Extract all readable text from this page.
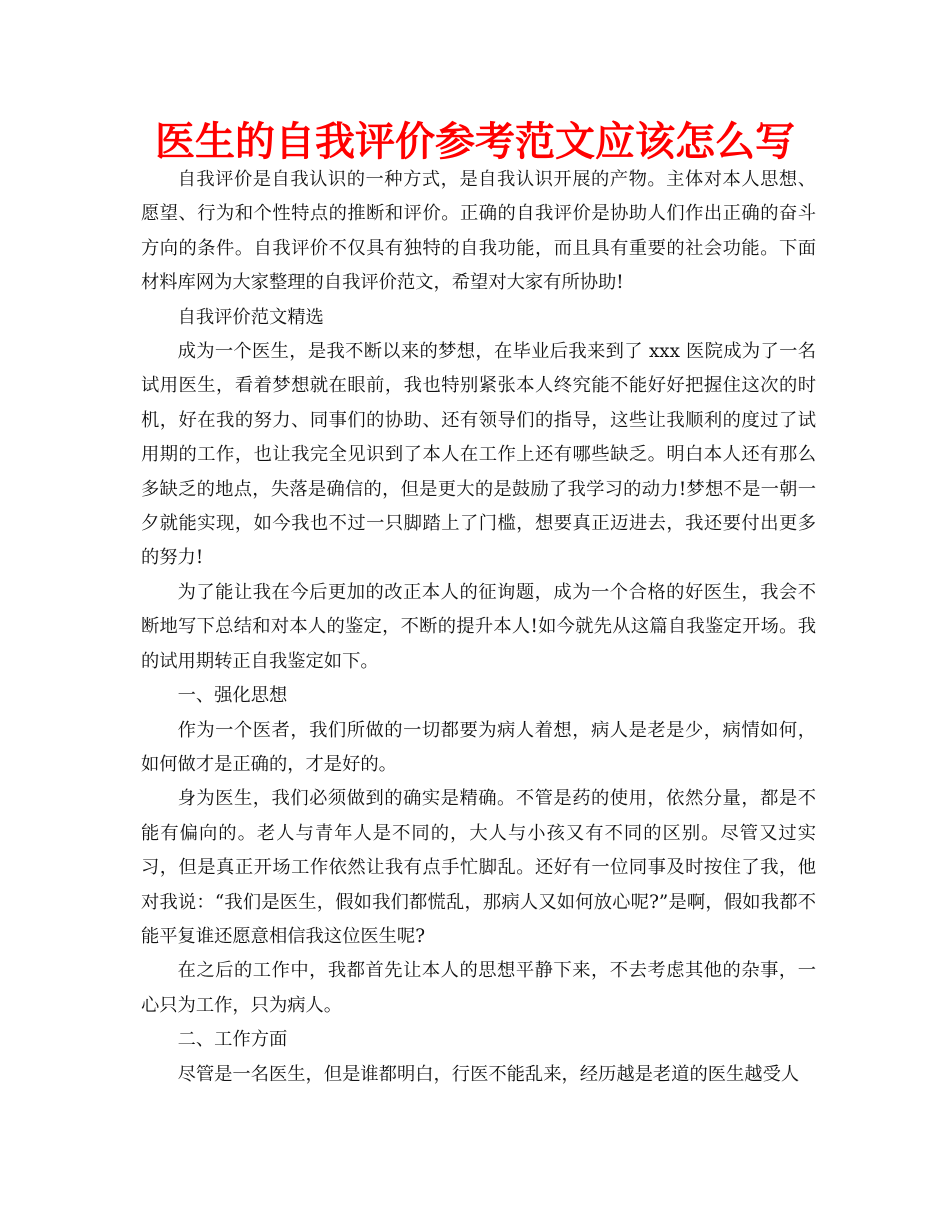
医生的自我评价参考范文应该怎么写

自我评价是自我认识的一种方式，是自我认识开展的产物。主体对本人思想、愿望、行为和个性特点的推断和评价。正确的自我评价是协助人们作出正确的奋斗方向的条件。自我评价不仅具有独特的自我功能，而且具有重要的社会功能。下面材料库网为大家整理的自我评价范文，希望对大家有所协助!

自我评价范文精选

成为一个医生，是我不断以来的梦想，在毕业后我来到了 xxx 医院成为了一名试用医生，看着梦想就在眼前，我也特别紧张本人终究能不能好好把握住这次的时机，好在我的努力、同事们的协助、还有领导们的指导，这些让我顺利的度过了试用期的工作，也让我完全见识到了本人在工作上还有哪些缺乏。明白本人还有那么多缺乏的地点，失落是确信的，但是更大的是鼓励了我学习的动力!梦想不是一朝一夕就能实现，如今我也不过一只脚踏上了门槛，想要真正迈进去，我还要付出更多的努力!

为了能让我在今后更加的改正本人的征询题，成为一个合格的好医生，我会不断地写下总结和对本人的鉴定，不断的提升本人!如今就先从这篇自我鉴定开场。我的试用期转正自我鉴定如下。

一、强化思想

作为一个医者，我们所做的一切都要为病人着想，病人是老是少，病情如何，如何做才是正确的，才是好的。

身为医生，我们必须做到的确实是精确。不管是药的使用，依然分量，都是不能有偏向的。老人与青年人是不同的，大人与小孩又有不同的区别。尽管又过实习，但是真正开场工作依然让我有点手忙脚乱。还好有一位同事及时按住了我，他对我说：“我们是医生，假如我们都慌乱，那病人又如何放心呢?”是啊，假如我都不能平复谁还愿意相信我这位医生呢?

在之后的工作中，我都首先让本人的思想平静下来，不去考虑其他的杂事，一心只为工作，只为病人。

二、工作方面

尽管是一名医生，但是谁都明白，行医不能乱来，经历越是老道的医生越受人
